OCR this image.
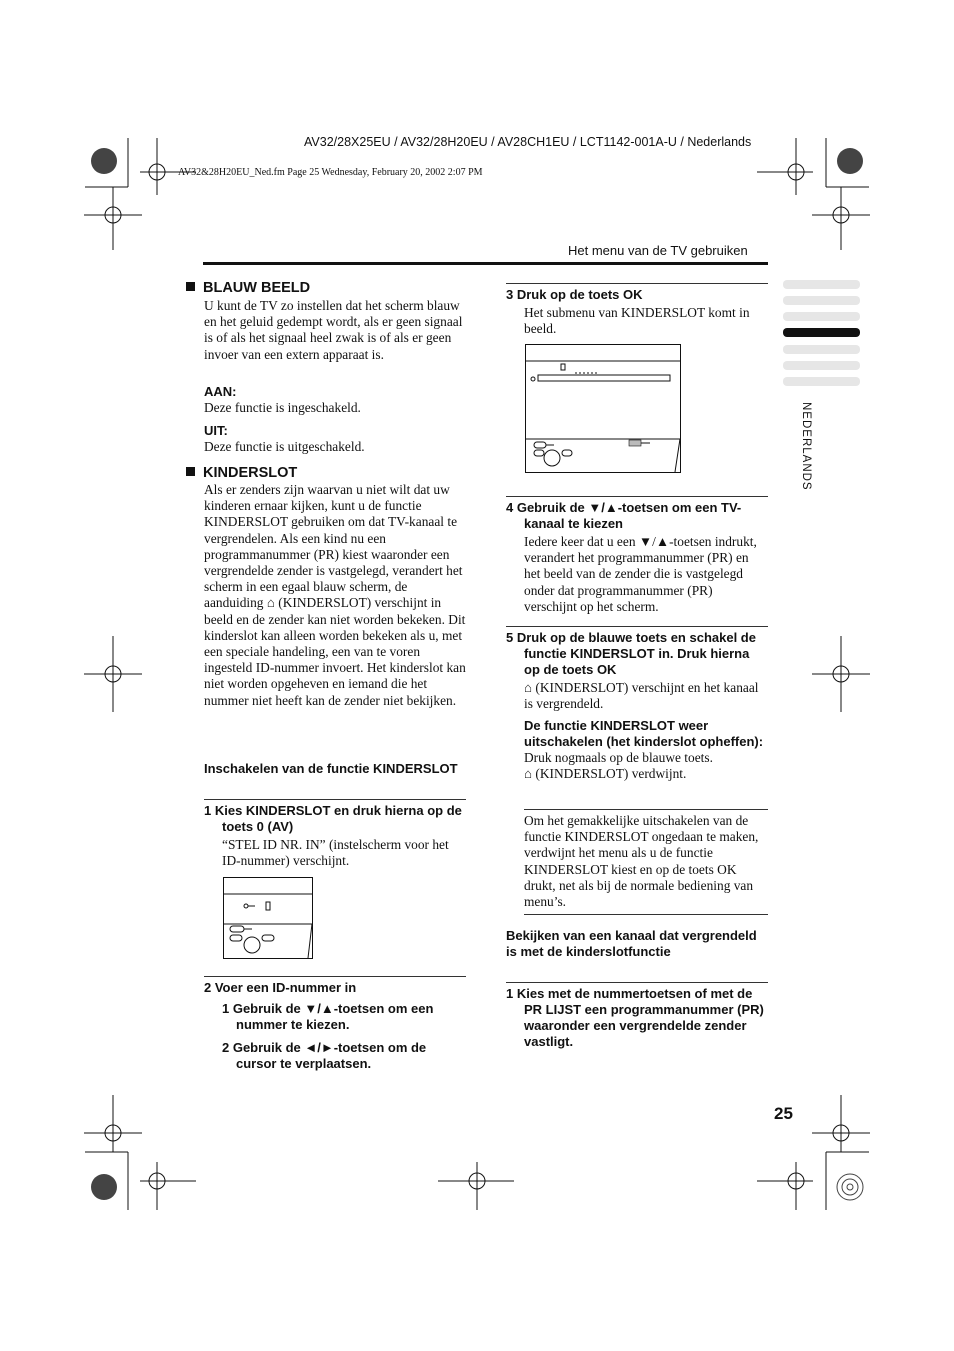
AV32/28X25EU / AV32/28H20EU / AV28CH1EU / LCT1142-001A-U / Nederlands
AV32&28H20EU_Ned.fm Page 25 Wednesday, February 20, 2002 2:07 PM
Het menu van de TV gebruiken
NEDERLANDS

BLAUW BEELD

U kunt de TV zo instellen dat het scherm blauw en het geluid gedempt wordt, als er geen signaal is of als het signaal heel zwak is of als er geen invoer van een extern apparaat is.

AAN:

Deze functie is ingeschakeld.

UIT:

Deze functie is uitgeschakeld.

KINDERSLOT

Als er zenders zijn waarvan u niet wilt dat uw kinderen ernaar kijken, kunt u de functie KINDERSLOT gebruiken om dat TV-kanaal te vergrendelen. Als een kind nu een programmanummer (PR) kiest waaronder een vergrendelde zender is vastgelegd, verandert het scherm in een egaal blauw scherm, de aanduiding ⌂ (KINDERSLOT) verschijnt in beeld en de zender kan niet worden bekeken. Dit kinderslot kan alleen worden bekeken als u, met een speciale handeling, een van te voren ingesteld ID-nummer invoert. Het kinderslot kan niet worden opgeheven en iemand die het nummer niet heeft kan de zender niet bekijken.

Inschakelen van de functie KINDERSLOT

1 Kies KINDERSLOT en druk hierna op de toets 0 (AV)

“STEL ID NR. IN” (instelscherm voor het ID-nummer) verschijnt.

2 Voer een ID-nummer in

1 Gebruik de ▼/▲-toetsen om een nummer te kiezen.

2 Gebruik de ◄/►-toetsen om de cursor te verplaatsen.

3 Druk op de toets OK

Het submenu van KINDERSLOT komt in beeld.

4 Gebruik de ▼/▲-toetsen om een TV-kanaal te kiezen

Iedere keer dat u een ▼/▲-toetsen indrukt, verandert het programmanummer (PR) en het beeld van de zender die is vastgelegd onder dat programmanummer (PR) verschijnt op het scherm.

5 Druk op de blauwe toets en schakel de functie KINDERSLOT in. Druk hierna op de toets OK

⌂ (KINDERSLOT) verschijnt en het kanaal is vergrendeld.

De functie KINDERSLOT weer uitschakelen (het kinderslot opheffen):

Druk nogmaals op de blauwe toets.

⌂ (KINDERSLOT) verdwijnt.

Om het gemakkelijke uitschakelen van de functie KINDERSLOT ongedaan te maken, verdwijnt het menu als u de functie KINDERSLOT kiest en op de toets OK drukt, net als bij de normale bediening van menu’s.

Bekijken van een kanaal dat vergrendeld is met de kinderslotfunctie

1 Kies met de nummertoetsen of met de PR LIJST een programmanummer (PR) waaronder een vergrendelde zender vastligt.

25
